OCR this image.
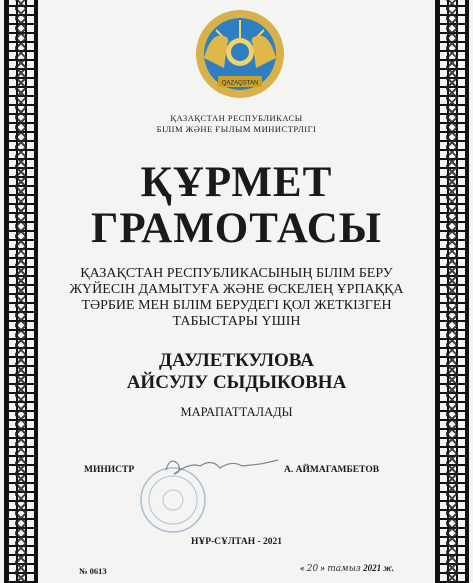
QAZAQSTAN
ҚАЗАҚСТАН РЕСПУБЛИКАСЫ
БІЛІМ ЖӘНЕ ҒЫЛЫМ МИНИСТРЛІГІ
ҚҰРМЕТ
ГРАМОТАСЫ
ҚАЗАҚСТАН РЕСПУБЛИКАСЫНЫҢ БІЛІМ БЕРУ
ЖҮЙЕСІН ДАМЫТУҒА ЖӘНЕ ӨСКЕЛЕҢ ҰРПАҚҚА
ТӘРБИЕ МЕН БІЛІМ БЕРУДЕГІ ҚОЛ ЖЕТКІЗГЕН
ТАБЫСТАРЫ ҮШІН
ДАУЛЕТКУЛОВА
АЙСУЛУ СЫДЫКОВНА
МАРАПАТТАЛАДЫ
МИНИСТР	А. АЙМАГАМБЕТОВ
НҰР-СҰЛТАН - 2021
№ 0613	« 20 » тамыз 2021 ж.
